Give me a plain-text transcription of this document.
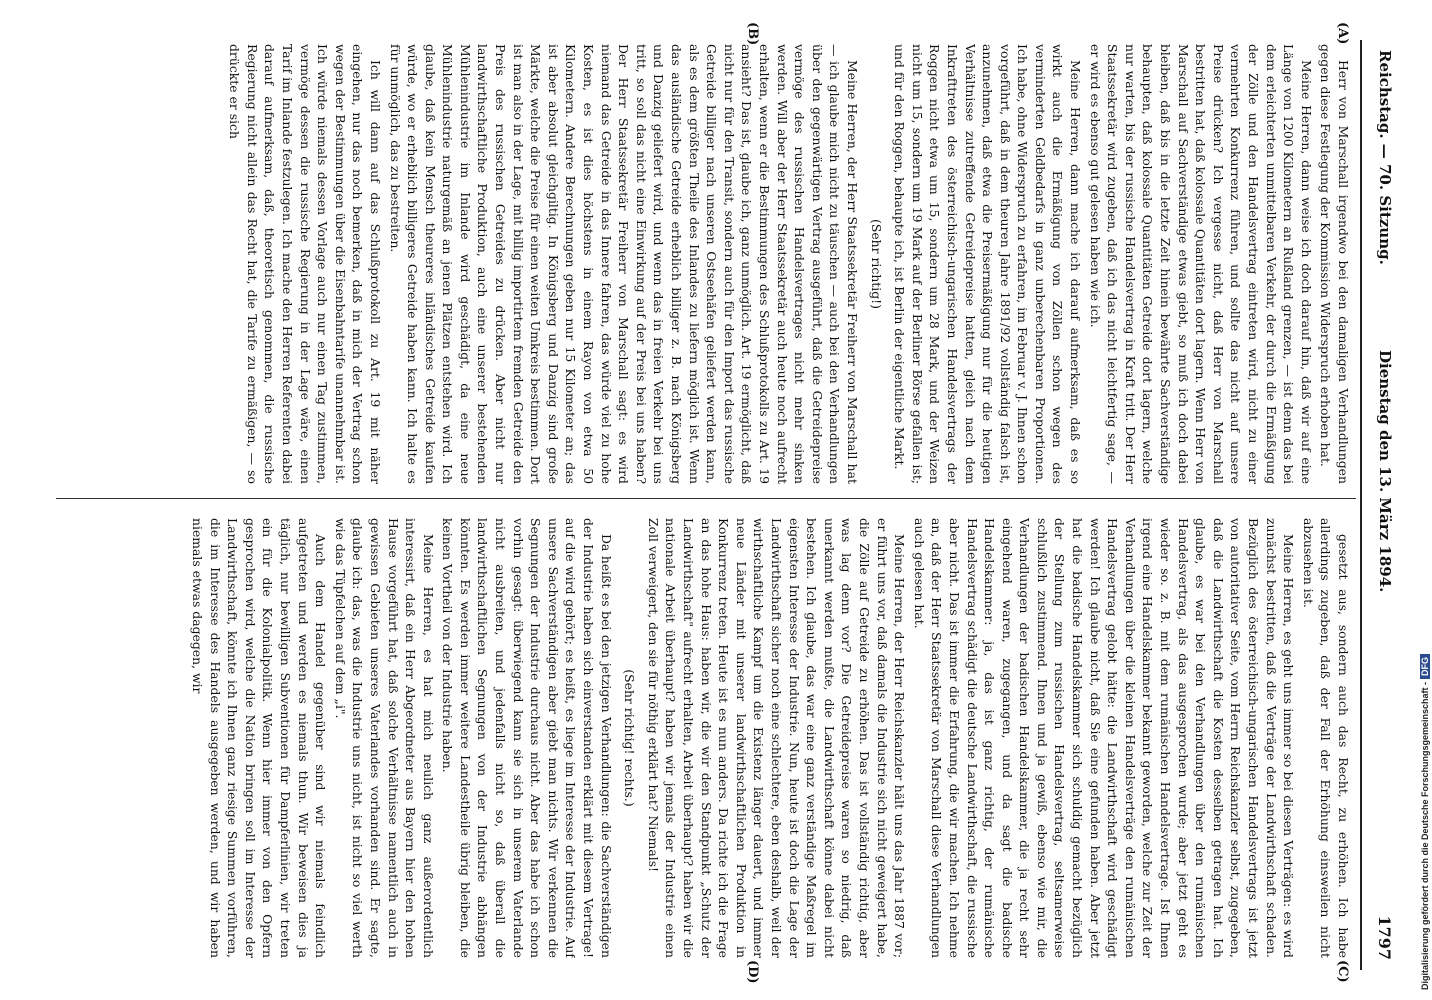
Reichstag. — 70. Sitzung.
Dienstag den 13. März 1894.
1797
(A)
(B)
(C)
(D)

Herr von Marschall irgendwo bei den damaligen Verhandlungen gegen diese Festlegung der Kommission Widerspruch erhoben hat.

Meine Herren, dann weise ich doch darauf hin, daß wir auf eine Länge von 1200 Kilometern an Rußland grenzen, — ist denn das bei dem erleichterten unmittelbaren Verkehr, der durch die Ermäßigung der Zölle und den Handelsvertrag eintreten wird, nicht zu einer vermehrten Konkurrenz führen, und sollte das nicht auf unsere Preise drücken? Ich vergesse nicht, daß Herr von Marschall bestritten hat, daß kolossale Quantitäten dort lagern. Wenn Herr von Marschall auf Sachverständige etwas giebt, so muß ich doch dabei bleiben, daß bis in die letzte Zeit hinein bewährte Sachverständige behaupten, daß kolossale Quantitäten Getreide dort lagern, welche nur warten, bis der russische Handelsvertrag in Kraft tritt. Der Herr Staatssekretär wird zugeben, daß ich das nicht leichtfertig sage, — er wird es ebenso gut gelesen haben wie ich.

Meine Herren, dann mache ich darauf aufmerksam, daß es so wirkt auch die Ermäßigung von Zöllen schon wegen des verminderten Geldbedarfs in ganz unberechenbaren Proportionen. Ich habe, ohne Widerspruch zu erfahren, im Februar v. J. Ihnen schon vorgeführt, daß in dem theuren Jahre 1891/92 vollständig falsch ist, anzunehmen, daß etwa die Preisermäßigung nur für die heutigen Verhältnisse zutreffende Getreidepreise hatten, gleich nach dem Inkrafttreten des österreichisch-ungarischen Handelsvertrags der Roggen nicht etwa um 15, sondern um 28 Mark, und der Weizen nicht um 15, sondern um 19 Mark auf der Berliner Börse gefallen ist; und für den Roggen, behaupte ich, ist Berlin der eigentliche Markt.

(Sehr richtig!)

Meine Herren, der Herr Staatssekretär Freiherr von Marschall hat — ich glaube mich nicht zu täuschen — auch bei den Verhandlungen über den gegenwärtigen Vertrag ausgeführt, daß die Getreidepreise vermöge des russischen Handelsvertrages nicht mehr sinken werden. Will aber der Herr Staatssekretär auch heute noch aufrecht erhalten, wenn er die Bestimmungen des Schlußprotokolls zu Art. 19 ansieht? Das ist, glaube ich, ganz unmöglich. Art. 19 ermöglicht, daß nicht nur für den Transit, sondern auch für den Import das russische Getreide billiger nach unseren Ostseehäfen geliefert werden kann, als es dem größten Theile des Inlandes zu liefern möglich ist. Wenn das ausländische Getreide erheblich billiger z. B. nach Königsberg und Danzig geliefert wird, und wenn das in freien Verkehr bei uns tritt, so soll das nicht eine Einwirkung auf der Preis bei uns haben? Der Herr Staatssekretär Freiherr von Marschall sagt: es wird niemand das Getreide in das Innere fahren, das würde viel zu hohe Kosten, es ist dies höchstens in einem Rayon von etwa 50 Kilometern. Andere Berechnungen geben nur 15 Kilometer an; das ist aber absolut gleichgiltig. In Königsberg und Danzig sind große Märkte, welche die Preise für einen weiten Umkreis bestimmen. Dort ist man also in der Lage, mit billig importirtem fremden Getreide den Preis des russischen Getreides zu drücken. Aber nicht nur landwirthschaftliche Produktion, auch eine unserer bestehenden Mühlenindustrie im Inlande wird geschädigt, da eine neue Mühlenindustrie naturgemäß an jenen Plätzen entstehen wird. Ich glaube, daß kein Mensch theureres inländisches Getreide kaufen würde, wo er erheblich billigeres Getreide haben kann. Ich halte es für unmöglich, das zu bestreiten.

Ich will dann auf das Schlußprotokoll zu Art. 19 mit näher eingehen, nur das noch bemerken, daß in mich der Vertrag schon wegen der Bestimmungen über die Eisenbahntarife unannehmbar ist. Ich würde niemals dessen Vorlage auch nur einen Tag zustimmen, vermöge dessen die russische Regierung in der Lage wäre, einen Tarif im Inlande festzulegen. Ich mache den Herren Referenten dabei darauf aufmerksam, daß, theoretisch genommen, die russische Regierung nicht allein das Recht hat, die Tarife zu ermäßigen, — so drückte er sich

gesetzt aus, sondern auch das Recht, zu erhöhen. Ich habe allerdings zugeben, daß der Fall der Erhöhung einsweilen nicht abzusehen ist.

Meine Herren, es geht uns immer so bei diesen Verträgen: es wird zunächst bestritten, daß die Verträge der Landwirthschaft schaden. Bezüglich des österreichisch-ungarischen Handelsvertrags ist jetzt von autoritativer Seite, vom Herrn Reichskanzler selbst, zugegeben, daß die Landwirthschaft die Kosten desselben getragen hat. Ich glaube, es war bei den Verhandlungen über den rumänischen Handelsvertrag, als das ausgesprochen wurde; aber jetzt geht es wieder so. z. B. mit dem rumänischen Handelsvertrage. Ist Ihnen irgend eine Handelskammer bekannt geworden, welche zur Zeit der Verhandlungen über die kleinen Handelsverträge den rumänischen Handelsvertrag gelobt hätte: die Landwirthschaft wird geschädigt werden! Ich glaube nicht, daß Sie eine gefunden haben. Aber jetzt hat die badische Handelskammer sich schuldig gemacht bezüglich der Stellung zum russischen Handelsvertrag, seltsamerweise schlußlich zustimmend. Ihnen und ja gewiß, ebenso wie mir, die Verhandlungen der badischen Handelskammer, die ja recht sehr eingehend waren, zugegangen, und da sagt die badische Handelskammer: ja, das ist ganz richtig, der rumänische Handelsvertrag schädigt die deutsche Landwirthschaft, die russische aber nicht. Das ist immer die Erfahrung, die wir machen. Ich nehme an, daß der Herr Staatssekretär von Marschall diese Verhandlungen auch gelesen hat.

Meine Herren, der Herr Reichskanzler hält uns das Jahr 1887 vor; er führt uns vor, daß damals die Industrie sich nicht geweigert habe, die Zölle auf Getreide zu erhöhen. Das ist vollständig richtig, aber was lag denn vor? Die Getreidepreise waren so niedrig, daß unerkannt werden mußte, die Landwirthschaft könne dabei nicht bestehen. Ich glaube, das war eine ganz verständige Maßregel im eigensten Interesse der Industrie. Nun, heute ist doch die Lage der Landwirthschaft sicher noch eine schlechtere, eben deshalb, weil der wirthschaftliche Kampf um die Existenz länger dauert, und immer neue Länder mit unserer landwirthschaftlichen Produktion in Konkurrenz treten. Heute ist es nun anders. Da richte ich die Frage an das hohe Haus: haben wir, die wir den Standpunkt „Schutz der Landwirthschaft" aufrecht erhalten, Arbeit überhaupt? haben wir die nationale Arbeit überhaupt? haben wir jemals der Industrie einen Zoll verweigert, den sie für nöthig erklärt hat? Niemals!

(Sehr richtig! rechts.)

Da heißt es bei den jetzigen Verhandlungen: die Sachverständigen der Industrie haben sich einverstanden erklärt mit diesem Vertrage! auf die wird gehört; es heißt, es liege im Interesse der Industrie. Auf unsere Sachverständigen aber giebt man nichts. Wir verkennen die Segnungen der Industrie durchaus nicht. Aber das habe ich schon vorhin gesagt: überwiegend kann sie sich in unserem Vaterlande nicht ausbreiten, und jedenfalls nicht so, daß überall die landwirthschaftlichen Segnungen von der Industrie abhängen könnten. Es werden immer weitere Landestheile übrig bleiben, die keinen Vortheil von der Industrie haben.

Meine Herren, es hat mich neulich ganz außerordentlich interessirt, daß ein Herr Abgeordneter aus Bayern hier den hohen Hause vorgeführt hat, daß solche Verhältnisse namentlich auch in gewissen Gebieten unseres Vaterlandes vorhanden sind. Er sagte, glaube ich: das, was die Industrie uns nicht, ist nicht so viel werth wie das Tüpfelchen auf dem „i".

Auch dem Handel gegenüber sind wir niemals feindlich aufgetreten und werden es niemals thun. Wir beweisen dies ja täglich, nur bewilligen Subventionen für Dampferlinien, wir treten ein für die Kolonialpolitik. Wenn hier immer von den Opfern gesprochen wird, welche die Nation bringen soll im Interesse der Landwirthschaft, könnte ich Ihnen ganz riesige Summen vorführen, die im Interesse des Handels ausgegeben werden, und wir haben niemals etwas dagegen, wir

Digitalisierung gefördert durch die Deutsche Forschungsgemeinschaft -DFG
